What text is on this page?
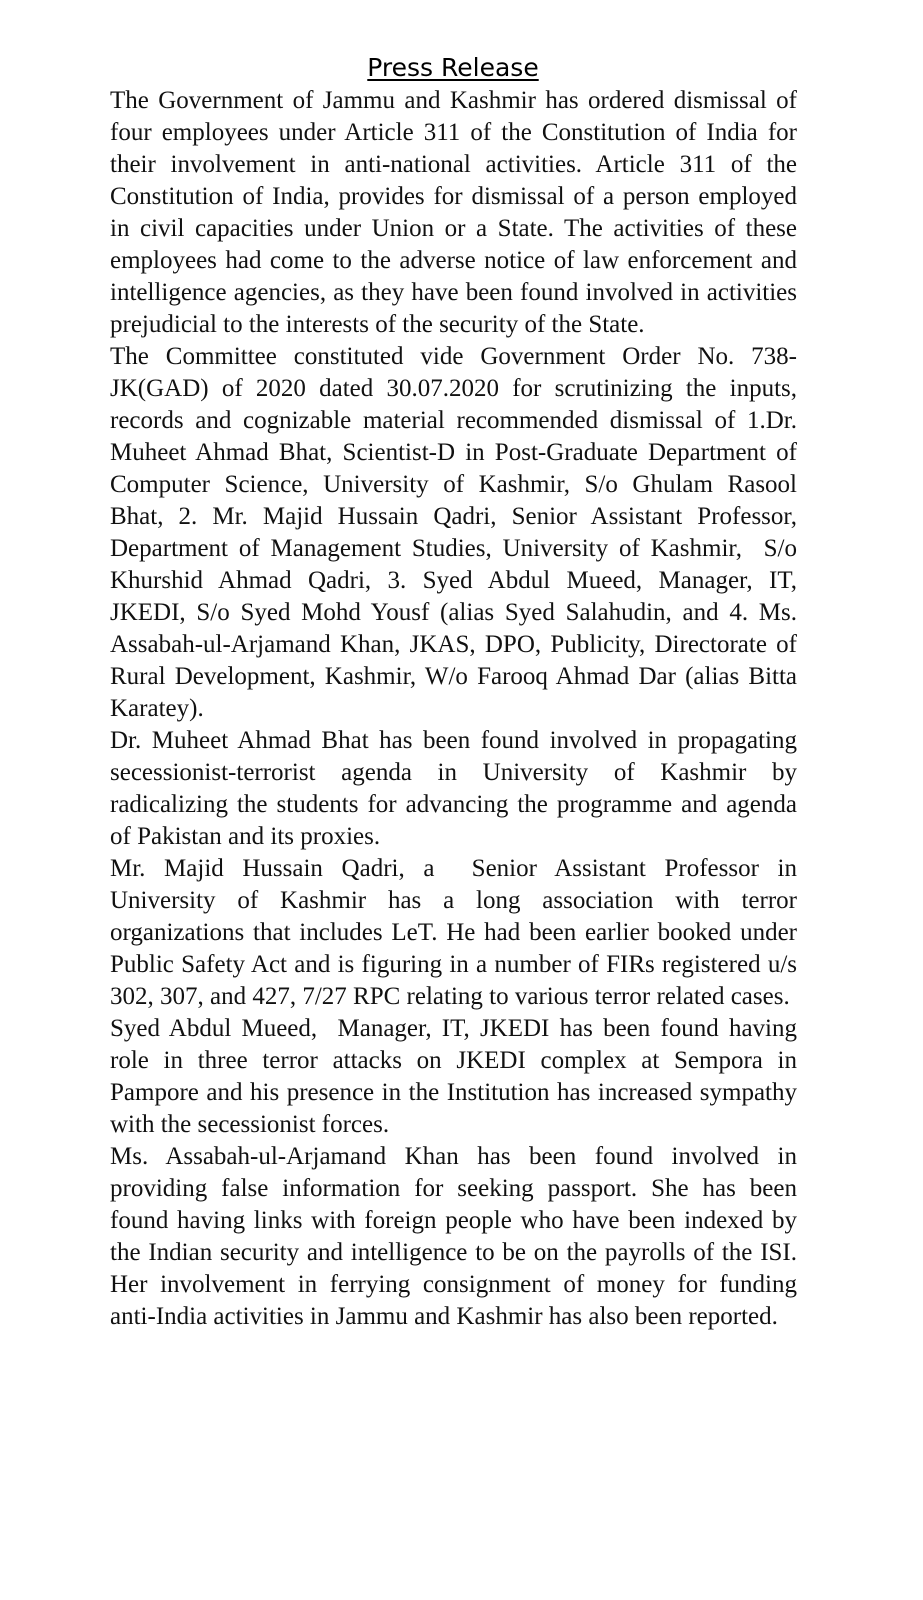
Press Release

The Government of Jammu and Kashmir has ordered dismissal of four employees under Article 311 of the Constitution of India for their involvement in anti-national activities. Article 311 of the Constitution of India, provides for dismissal of a person employed in civil capacities under Union or a State. The activities of these employees had come to the adverse notice of law enforcement and intelligence agencies, as they have been found involved in activities prejudicial to the interests of the security of the State.

The Committee constituted vide Government Order No. 738-JK(GAD) of 2020 dated 30.07.2020 for scrutinizing the inputs, records and cognizable material recommended dismissal of 1.Dr. Muheet Ahmad Bhat, Scientist-D in Post-Graduate Department of Computer Science, University of Kashmir, S/o Ghulam Rasool Bhat, 2. Mr. Majid Hussain Qadri, Senior Assistant Professor, Department of Management Studies, University of Kashmir,  S/o Khurshid Ahmad Qadri, 3. Syed Abdul Mueed, Manager, IT, JKEDI, S/o Syed Mohd Yousf (alias Syed Salahudin, and 4. Ms. Assabah-ul-Arjamand Khan, JKAS, DPO, Publicity, Directorate of Rural Development, Kashmir, W/o Farooq Ahmad Dar (alias Bitta Karatey).

Dr. Muheet Ahmad Bhat has been found involved in propagating secessionist-terrorist agenda in University of Kashmir by radicalizing the students for advancing the programme and agenda of Pakistan and its proxies.

Mr. Majid Hussain Qadri, a  Senior Assistant Professor in University of Kashmir has a long association with terror organizations that includes LeT. He had been earlier booked under Public Safety Act and is figuring in a number of FIRs registered u/s 302, 307, and 427, 7/27 RPC relating to various terror related cases.

Syed Abdul Mueed,  Manager, IT, JKEDI has been found having role in three terror attacks on JKEDI complex at Sempora in Pampore and his presence in the Institution has increased sympathy with the secessionist forces.

Ms. Assabah-ul-Arjamand Khan has been found involved in providing false information for seeking passport. She has been found having links with foreign people who have been indexed by the Indian security and intelligence to be on the payrolls of the ISI. Her involvement in ferrying consignment of money for funding anti-India activities in Jammu and Kashmir has also been reported.
